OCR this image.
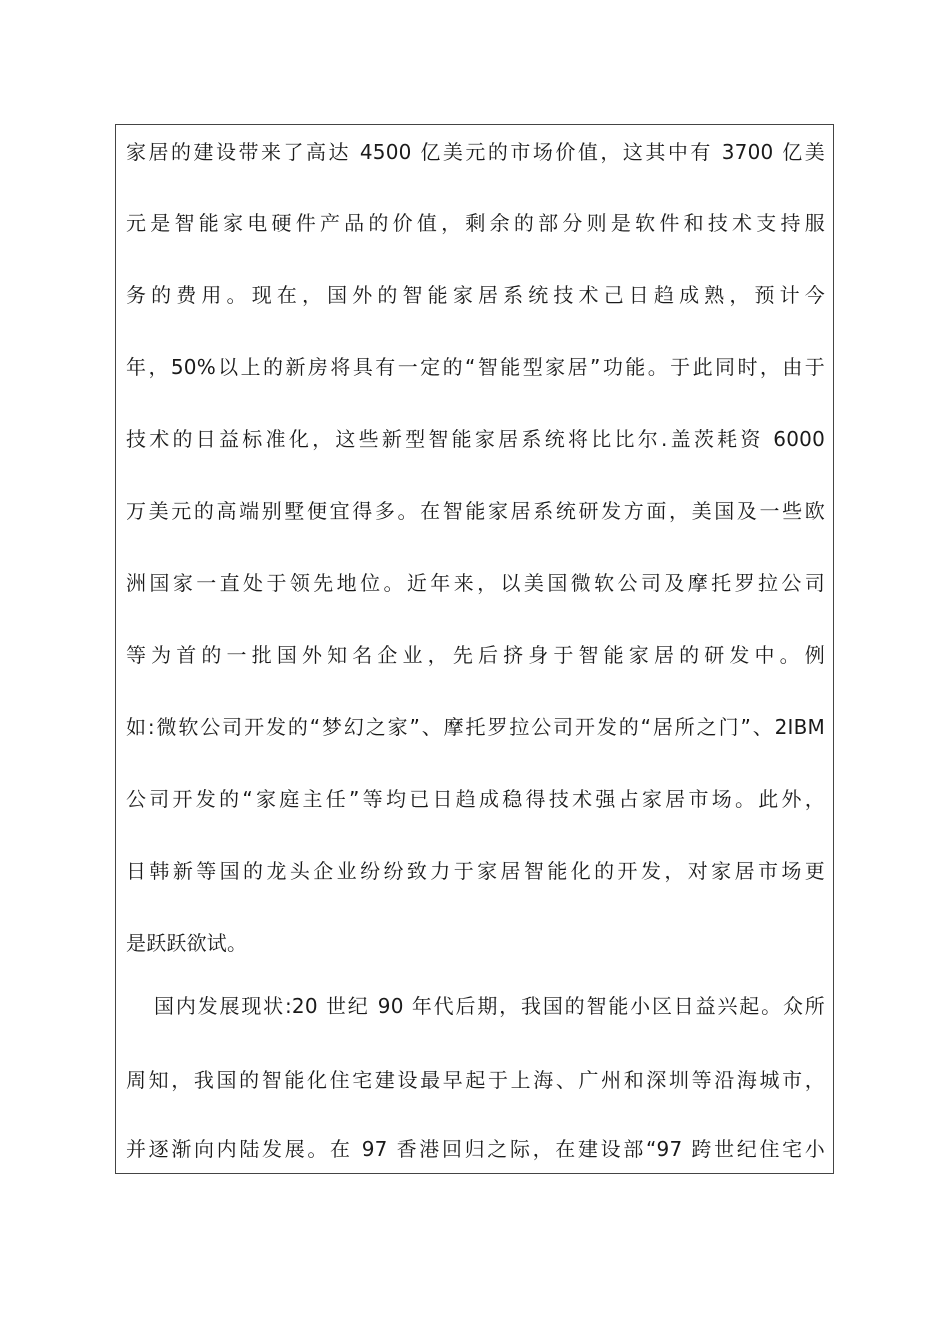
家居的建设带来了高达 4500 亿美元的市场价值，这其中有 3700 亿美
元是智能家电硬件产品的价值，剩余的部分则是软件和技术支持服
务的费用。现在，国外的智能家居系统技术己日趋成熟，预计今
年，50%以上的新房将具有一定的“智能型家居”功能。于此同时，由于
技术的日益标准化，这些新型智能家居系统将比比尔.盖茨耗资 6000
万美元的高端别墅便宜得多。在智能家居系统研发方面，美国及一些欧
洲国家一直处于领先地位。近年来，以美国微软公司及摩托罗拉公司
等为首的一批国外知名企业，先后挤身于智能家居的研发中。例
如:微软公司开发的“梦幻之家”、摩托罗拉公司开发的“居所之门”、2IBM
公司开发的“家庭主任”等均已日趋成稳得技术强占家居市场。此外，
日韩新等国的龙头企业纷纷致力于家居智能化的开发，对家居市场更
是跃跃欲试。
国内发展现状:20 世纪 90 年代后期，我国的智能小区日益兴起。众所
周知，我国的智能化住宅建设最早起于上海、广州和深圳等沿海城市，
并逐渐向内陆发展。在 97 香港回归之际，在建设部“97 跨世纪住宅小
